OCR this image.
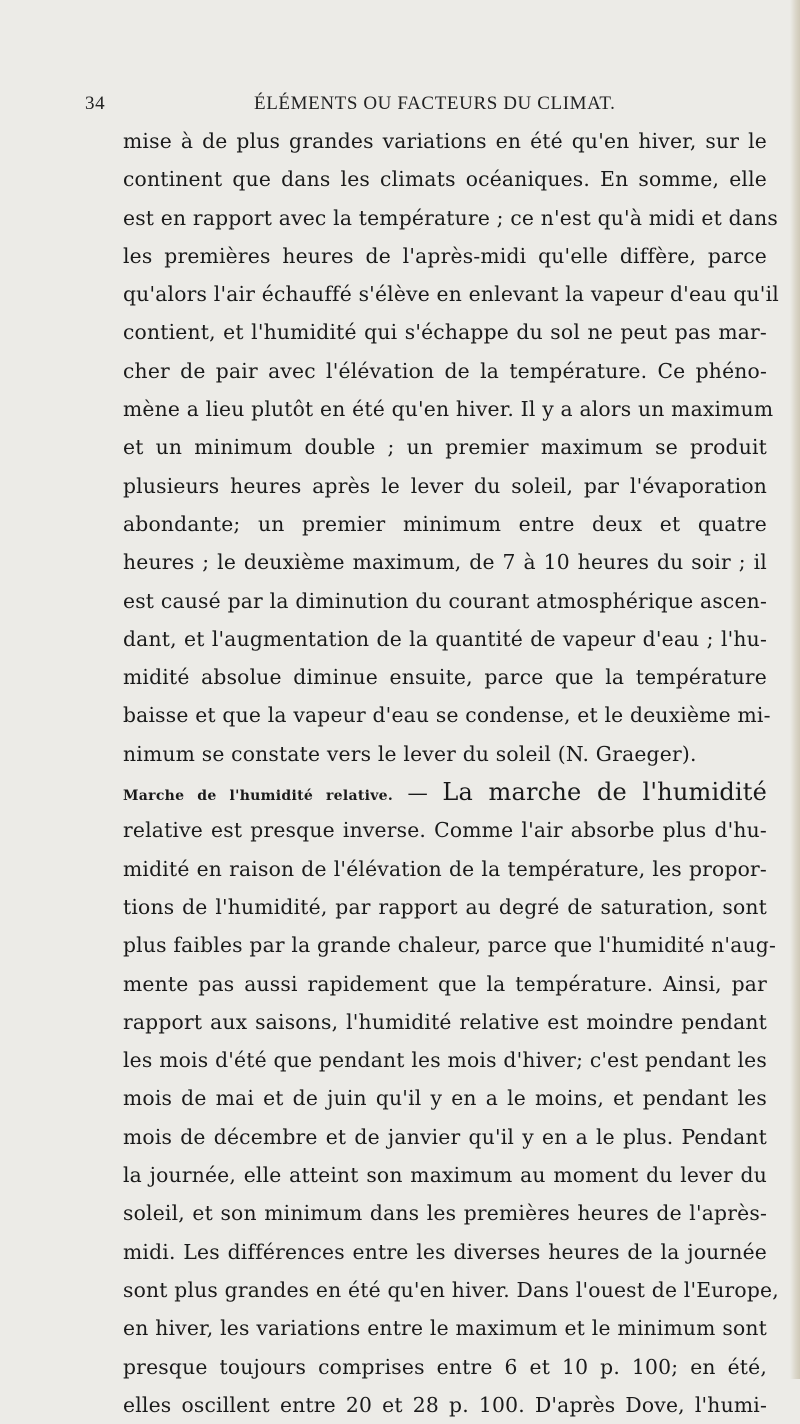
34	ÉLÉMENTS OU FACTEURS DU CLIMAT.
mise à de plus grandes variations en été qu'en hiver, sur le
continent que dans les climats océaniques. En somme, elle
est en rapport avec la température ; ce n'est qu'à midi et dans
les premières heures de l'après-midi qu'elle diffère, parce
qu'alors l'air échauffé s'élève en enlevant la vapeur d'eau qu'il
contient, et l'humidité qui s'échappe du sol ne peut pas mar-
cher de pair avec l'élévation de la température. Ce phéno-
mène a lieu plutôt en été qu'en hiver. Il y a alors un maximum
et un minimum double ; un premier maximum se produit
plusieurs heures après le lever du soleil, par l'évaporation
abondante; un premier minimum entre deux et quatre
heures ; le deuxième maximum, de 7 à 10 heures du soir ; il
est causé par la diminution du courant atmosphérique ascen-
dant, et l'augmentation de la quantité de vapeur d'eau ; l'hu-
midité absolue diminue ensuite, parce que la température
baisse et que la vapeur d'eau se condense, et le deuxième mi-
nimum se constate vers le lever du soleil (N. Graeger).
Marche de l'humidité relative. — La marche de l'humidité
relative est presque inverse. Comme l'air absorbe plus d'hu-
midité en raison de l'élévation de la température, les propor-
tions de l'humidité, par rapport au degré de saturation, sont
plus faibles par la grande chaleur, parce que l'humidité n'aug-
mente pas aussi rapidement que la température. Ainsi, par
rapport aux saisons, l'humidité relative est moindre pendant
les mois d'été que pendant les mois d'hiver; c'est pendant les
mois de mai et de juin qu'il y en a le moins, et pendant les
mois de décembre et de janvier qu'il y en a le plus. Pendant
la journée, elle atteint son maximum au moment du lever du
soleil, et son minimum dans les premières heures de l'après-
midi. Les différences entre les diverses heures de la journée
sont plus grandes en été qu'en hiver. Dans l'ouest de l'Europe,
en hiver, les variations entre le maximum et le minimum sont
presque toujours comprises entre 6 et 10 p. 100; en été,
elles oscillent entre 20 et 28 p. 100. D'après Dove, l'humi-
